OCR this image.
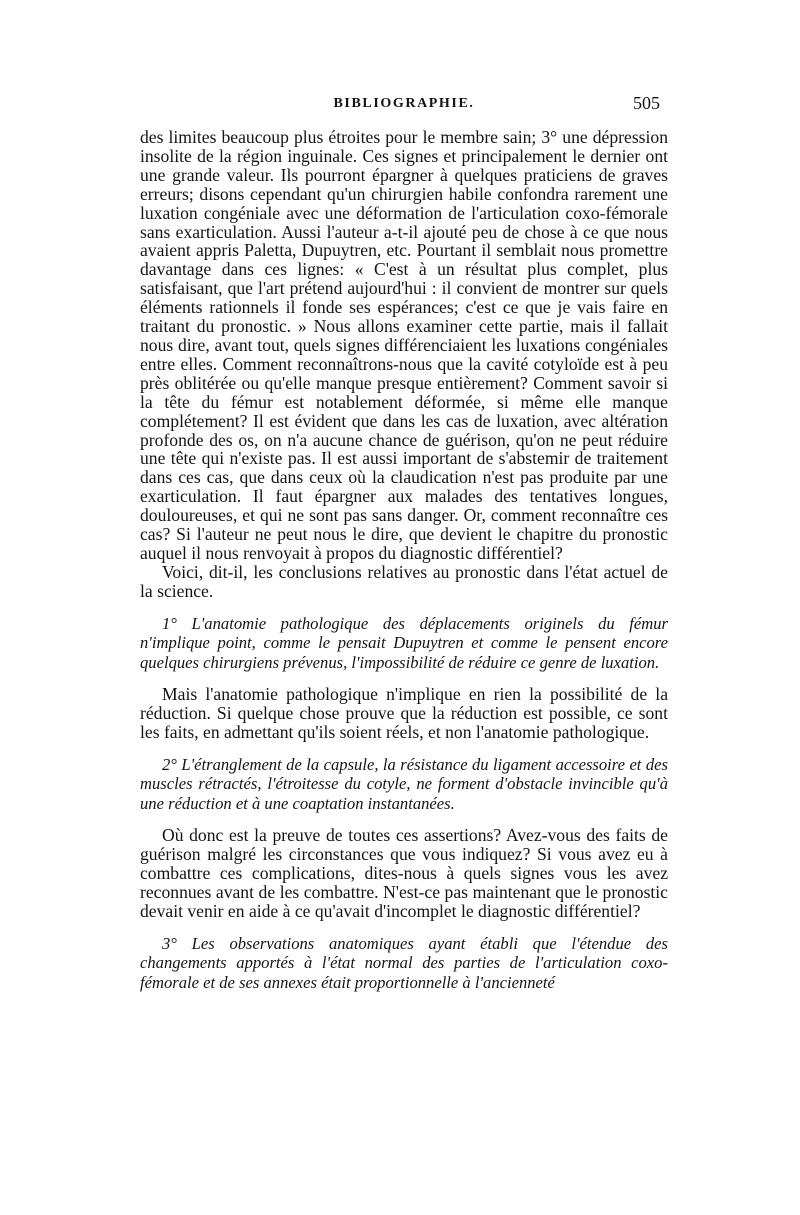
BIBLIOGRAPHIE.	505

des limites beaucoup plus étroites pour le membre sain; 3° une dépression insolite de la région inguinale. Ces signes et principalement le dernier ont une grande valeur. Ils pourront épargner à quelques praticiens de graves erreurs; disons cependant qu'un chirurgien habile confondra rarement une luxation congéniale avec une déformation de l'articulation coxo-fémorale sans exarticulation. Aussi l'auteur a-t-il ajouté peu de chose à ce que nous avaient appris Paletta, Dupuytren, etc. Pourtant il semblait nous promettre davantage dans ces lignes: « C'est à un résultat plus complet, plus satisfaisant, que l'art prétend aujourd'hui : il convient de montrer sur quels éléments rationnels il fonde ses espérances; c'est ce que je vais faire en traitant du pronostic. » Nous allons examiner cette partie, mais il fallait nous dire, avant tout, quels signes différenciaient les luxations congéniales entre elles. Comment reconnaîtrons-nous que la cavité cotyloïde est à peu près oblitérée ou qu'elle manque presque entièrement? Comment savoir si la tête du fémur est notablement déformée, si même elle manque complétement? Il est évident que dans les cas de luxation, avec altération profonde des os, on n'a aucune chance de guérison, qu'on ne peut réduire une tête qui n'existe pas. Il est aussi important de s'abstemir de traitement dans ces cas, que dans ceux où la claudication n'est pas produite par une exarticulation. Il faut épargner aux malades des tentatives longues, douloureuses, et qui ne sont pas sans danger. Or, comment reconnaître ces cas? Si l'auteur ne peut nous le dire, que devient le chapitre du pronostic auquel il nous renvoyait à propos du diagnostic différentiel?

Voici, dit-il, les conclusions relatives au pronostic dans l'état actuel de la science.

1° L'anatomie pathologique des déplacements originels du fémur n'implique point, comme le pensait Dupuytren et comme le pensent encore quelques chirurgiens prévenus, l'impossibilité de réduire ce genre de luxation.

Mais l'anatomie pathologique n'implique en rien la possibilité de la réduction. Si quelque chose prouve que la réduction est possible, ce sont les faits, en admettant qu'ils soient réels, et non l'anatomie pathologique.

2° L'étranglement de la capsule, la résistance du ligament accessoire et des muscles rétractés, l'étroitesse du cotyle, ne forment d'obstacle invincible qu'à une réduction et à une coaptation instantanées.

Où donc est la preuve de toutes ces assertions? Avez-vous des faits de guérison malgré les circonstances que vous indiquez? Si vous avez eu à combattre ces complications, dites-nous à quels signes vous les avez reconnues avant de les combattre. N'est-ce pas maintenant que le pronostic devait venir en aide à ce qu'avait d'incomplet le diagnostic différentiel?

3° Les observations anatomiques ayant établi que l'étendue des changements apportés à l'état normal des parties de l'articulation coxo-fémorale et de ses annexes était proportionnelle à l'ancienneté
